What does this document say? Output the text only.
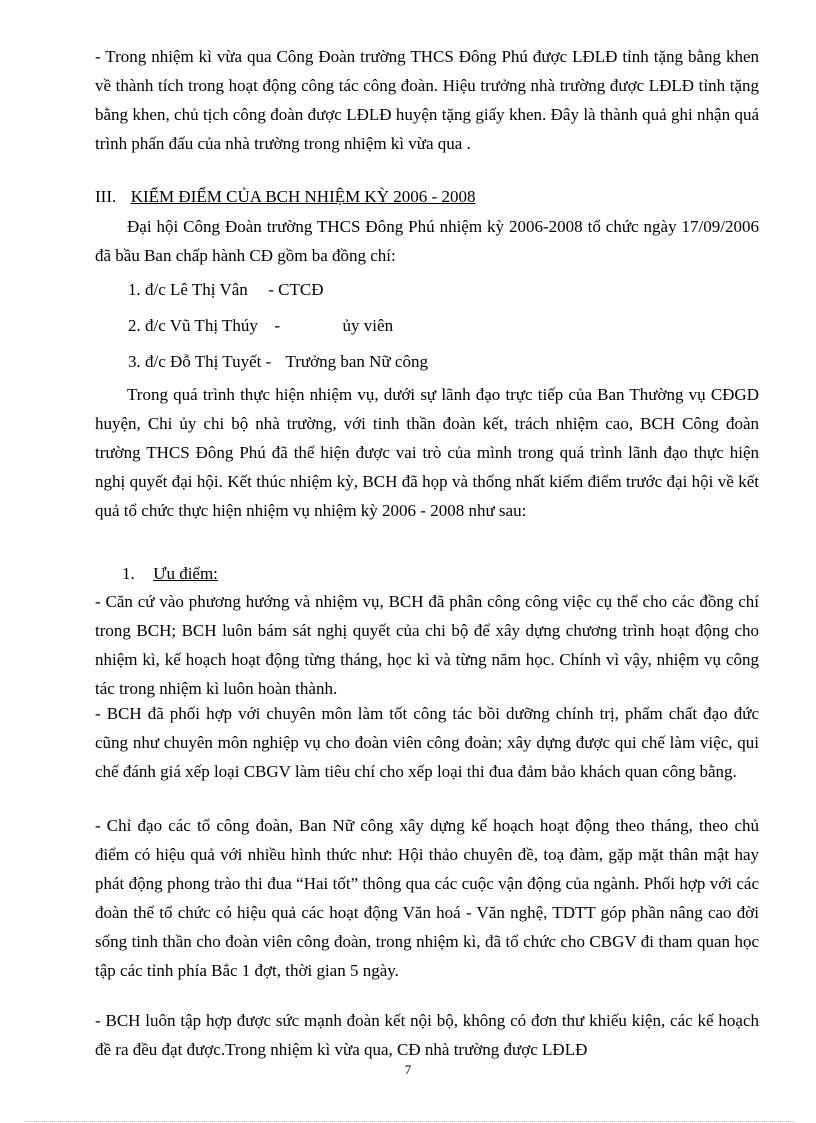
- Trong nhiệm kì vừa qua Công Đoàn trường THCS Đông Phú được LĐLĐ tỉnh tặng bằng khen về thành tích trong hoạt động công tác công đoàn. Hiệu trưởng nhà trường được LĐLĐ tỉnh tặng bằng khen, chủ tịch công đoàn được LĐLĐ huyện tặng giấy khen. Đây là thành quả ghi nhận quá trình phấn đấu của nhà trường trong nhiệm kì vừa qua .

III. KIỂM ĐIỂM CỦA BCH NHIỆM KỲ 2006 - 2008

Đại hội Công Đoàn trường THCS Đông Phú nhiệm kỳ 2006-2008 tổ chức ngày 17/09/2006 đã bầu Ban chấp hành CĐ gồm ba đồng chí:

1. đ/c Lê Thị Vân - CTCĐ
2. đ/c Vũ Thị Thúy -	ủy viên
3. đ/c Đỗ Thị Tuyết - Trưởng ban Nữ công

Trong quá trình thực hiện nhiệm vụ, dưới sự lãnh đạo trực tiếp của Ban Thường vụ CĐGD huyện, Chi ủy chi bộ nhà trường, với tinh thần đoàn kết, trách nhiệm cao, BCH Công đoàn trường THCS Đông Phú đã thể hiện được vai trò của mình trong quá trình lãnh đạo thực hiện nghị quyết đại hội. Kết thúc nhiệm kỳ, BCH đã họp và thống nhất kiểm điểm trước đại hội về kết quả tổ chức thực hiện nhiệm vụ nhiệm kỳ 2006 - 2008 như sau:

1. Ưu điểm:

- Căn cứ vào phương hướng và nhiệm vụ, BCH đã phân công công việc cụ thể cho các đồng chí trong BCH; BCH luôn bám sát nghị quyết của chi bộ để xây dựng chương trình hoạt động cho nhiệm kì, kế hoạch hoạt động từng tháng, học kì và từng năm học. Chính vì vậy, nhiệm vụ công tác trong nhiệm kì luôn hoàn thành.

- BCH đã phối hợp với chuyên môn làm tốt công tác bồi dưỡng chính trị, phẩm chất đạo đức cũng như chuyên môn nghiệp vụ cho đoàn viên công đoàn; xây dựng được qui chế làm việc, qui chế đánh giá xếp loại CBGV làm tiêu chí cho xếp loại thi đua đảm bảo khách quan công bằng.

- Chỉ đạo các tổ công đoàn, Ban Nữ công xây dựng kế hoạch hoạt động theo tháng, theo chủ điểm có hiệu quả với nhiều hình thức như: Hội thảo chuyên đề, toạ đàm, gặp mặt thân mật hay phát động phong trào thi đua “Hai tốt” thông qua các cuộc vận động của ngành. Phối hợp với các đoàn thể tổ chức có hiệu quả các hoạt động Văn hoá - Văn nghệ, TDTT góp phần nâng cao đời sống tinh thần cho đoàn viên công đoàn, trong nhiệm kì, đã tổ chức cho CBGV đi tham quan học tập các tỉnh phía Bắc 1 đợt, thời gian 5 ngày.

- BCH luôn tập hợp được sức mạnh đoàn kết nội bộ, không có đơn thư khiếu kiện, các kế hoạch đề ra đều đạt được.Trong nhiệm kì vừa qua, CĐ nhà trường được LĐLĐ

7
